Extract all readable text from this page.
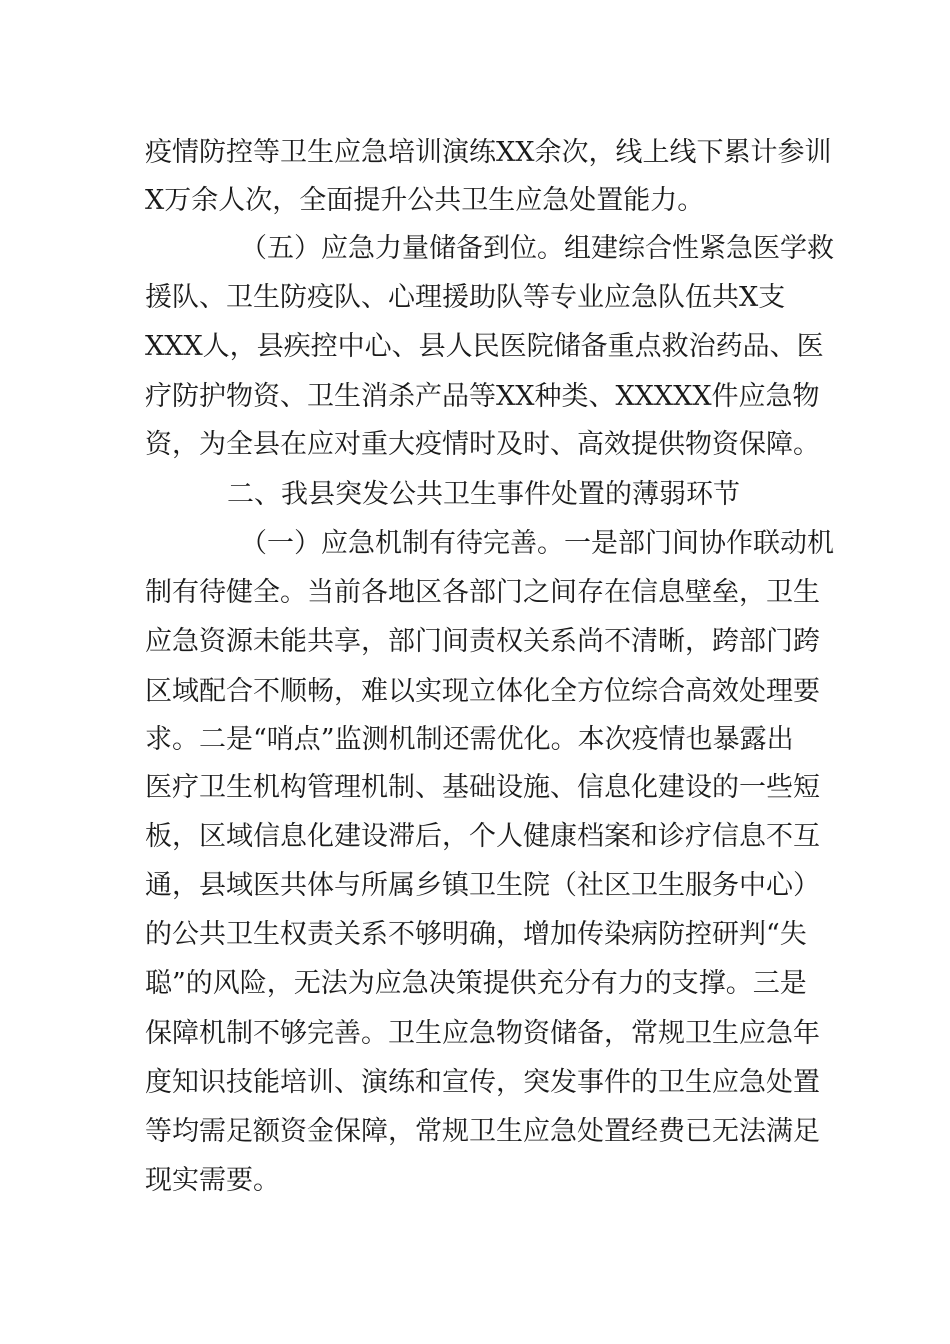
疫情防控等卫生应急培训演练XX余次，线上线下累计参训
X万余人次，全面提升公共卫生应急处置能力。
（五）应急力量储备到位。组建综合性紧急医学救
援队、卫生防疫队、心理援助队等专业应急队伍共X支
XXX人，县疾控中心、县人民医院储备重点救治药品、医
疗防护物资、卫生消杀产品等XX种类、XXXXX件应急物
资，为全县在应对重大疫情时及时、高效提供物资保障。
二、我县突发公共卫生事件处置的薄弱环节
（一）应急机制有待完善。一是部门间协作联动机
制有待健全。当前各地区各部门之间存在信息壁垒，卫生
应急资源未能共享，部门间责权关系尚不清晰，跨部门跨
区域配合不顺畅，难以实现立体化全方位综合高效处理要
求。二是“哨点”监测机制还需优化。本次疫情也暴露出
医疗卫生机构管理机制、基础设施、信息化建设的一些短
板，区域信息化建设滞后，个人健康档案和诊疗信息不互
通，县域医共体与所属乡镇卫生院（社区卫生服务中心）
的公共卫生权责关系不够明确，增加传染病防控研判“失
聪”的风险，无法为应急决策提供充分有力的支撑。三是
保障机制不够完善。卫生应急物资储备，常规卫生应急年
度知识技能培训、演练和宣传，突发事件的卫生应急处置
等均需足额资金保障，常规卫生应急处置经费已无法满足
现实需要。
